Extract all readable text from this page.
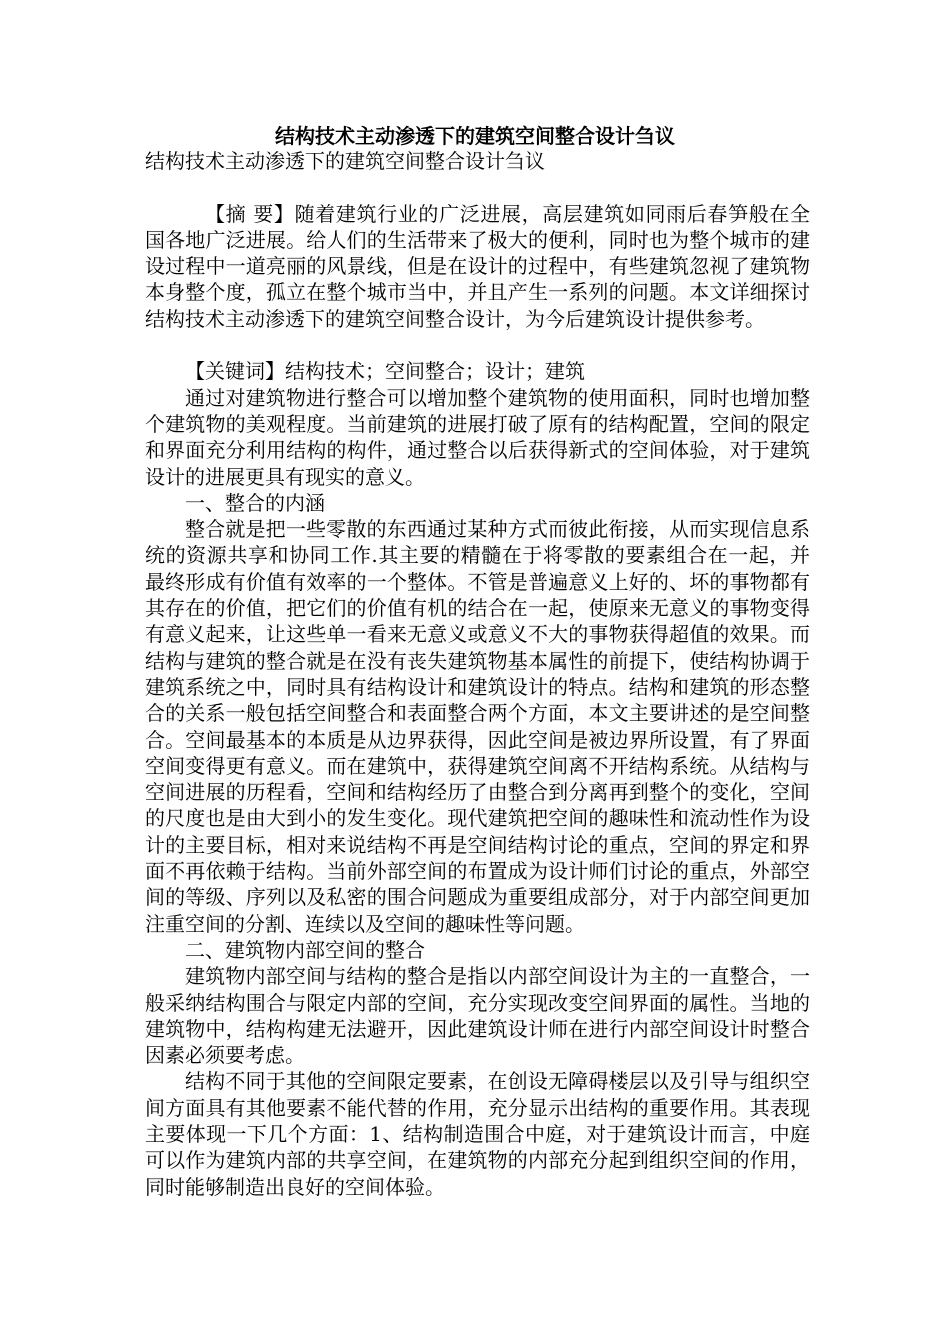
结构技术主动渗透下的建筑空间整合设计刍议

结构技术主动渗透下的建筑空间整合设计刍议

【摘 要】随着建筑行业的广泛进展，高层建筑如同雨后春笋般在全国各地广泛进展。给人们的生活带来了极大的便利，同时也为整个城市的建设过程中一道亮丽的风景线，但是在设计的过程中，有些建筑忽视了建筑物本身整个度，孤立在整个城市当中，并且产生一系列的问题。本文详细探讨结构技术主动渗透下的建筑空间整合设计，为今后建筑设计提供参考。

【关键词】结构技术；空间整合；设计；建筑

通过对建筑物进行整合可以增加整个建筑物的使用面积，同时也增加整个建筑物的美观程度。当前建筑的进展打破了原有的结构配置，空间的限定和界面充分利用结构的构件，通过整合以后获得新式的空间体验，对于建筑设计的进展更具有现实的意义。

一、整合的内涵

整合就是把一些零散的东西通过某种方式而彼此衔接，从而实现信息系统的资源共享和协同工作.其主要的精髓在于将零散的要素组合在一起，并最终形成有价值有效率的一个整体。不管是普遍意义上好的、坏的事物都有其存在的价值，把它们的价值有机的结合在一起，使原来无意义的事物变得有意义起来，让这些单一看来无意义或意义不大的事物获得超值的效果。而结构与建筑的整合就是在没有丧失建筑物基本属性的前提下，使结构协调于建筑系统之中，同时具有结构设计和建筑设计的特点。结构和建筑的形态整合的关系一般包括空间整合和表面整合两个方面，本文主要讲述的是空间整合。空间最基本的本质是从边界获得，因此空间是被边界所设置，有了界面空间变得更有意义。而在建筑中，获得建筑空间离不开结构系统。从结构与空间进展的历程看，空间和结构经历了由整合到分离再到整个的变化，空间的尺度也是由大到小的发生变化。现代建筑把空间的趣味性和流动性作为设计的主要目标，相对来说结构不再是空间结构讨论的重点，空间的界定和界面不再依赖于结构。当前外部空间的布置成为设计师们讨论的重点，外部空间的等级、序列以及私密的围合问题成为重要组成部分，对于内部空间更加注重空间的分割、连续以及空间的趣味性等问题。

二、建筑物内部空间的整合

建筑物内部空间与结构的整合是指以内部空间设计为主的一直整合，一般采纳结构围合与限定内部的空间，充分实现改变空间界面的属性。当地的建筑物中，结构构建无法避开，因此建筑设计师在进行内部空间设计时整合因素必须要考虑。

结构不同于其他的空间限定要素，在创设无障碍楼层以及引导与组织空间方面具有其他要素不能代替的作用，充分显示出结构的重要作用。其表现主要体现一下几个方面：1、结构制造围合中庭，对于建筑设计而言，中庭可以作为建筑内部的共享空间，在建筑物的内部充分起到组织空间的作用，同时能够制造出良好的空间体验。
